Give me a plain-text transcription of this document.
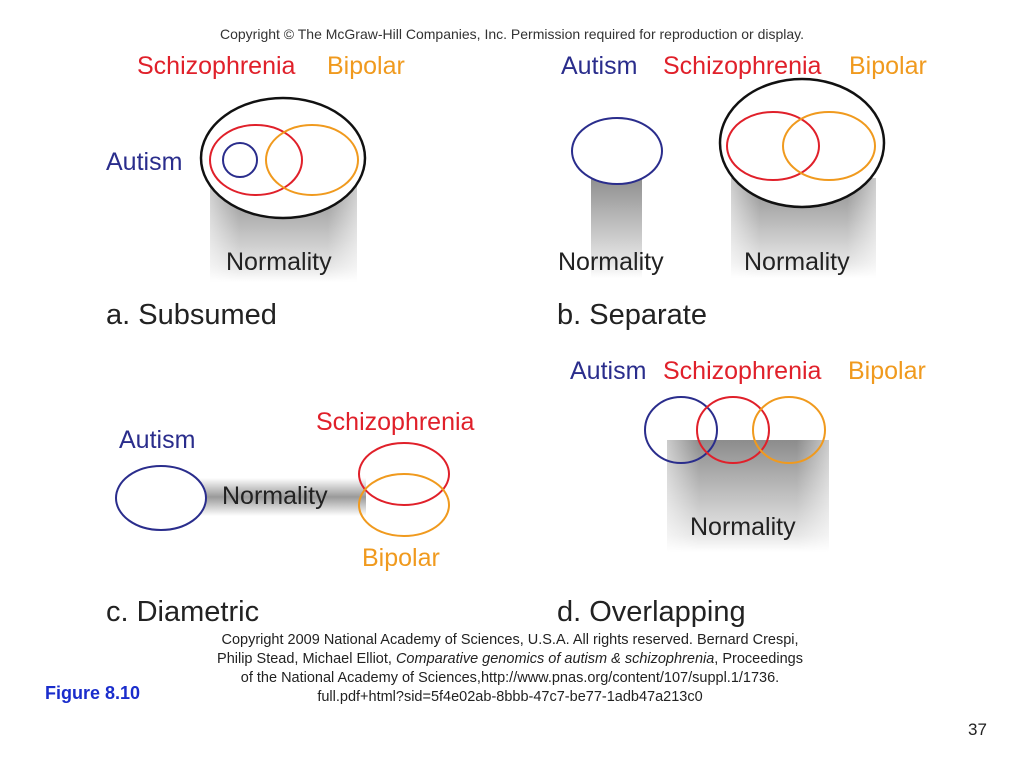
Copyright © The McGraw-Hill Companies, Inc. Permission required for reproduction or display.
Schizophrenia Bipolar
Autism
Normality
a. Subsumed
Autism Schizophrenia Bipolar
Normality	Normality
b. Separate
Autism
Schizophrenia
Normality
Bipolar
c. Diametric
Autism Schizophrenia Bipolar
Normality
d. Overlapping
Copyright 2009 National Academy of Sciences, U.S.A. All rights reserved. Bernard Crespi,
Philip Stead, Michael Elliot, Comparative genomics of autism & schizophrenia, Proceedings
of the National Academy of Sciences,http://www.pnas.org/content/107/suppl.1/1736.
full.pdf+html?sid=5f4e02ab-8bbb-47c7-be77-1adb47a213c0
Figure 8.10
37
